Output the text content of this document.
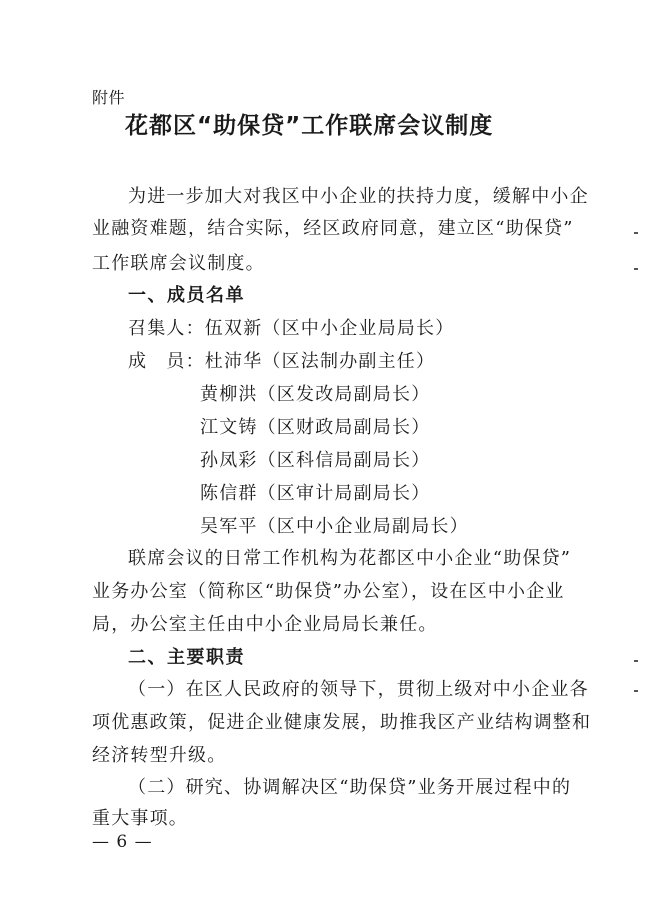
附件
花都区“助保贷”工作联席会议制度
为进一步加大对我区中小企业的扶持力度，缓解中小企
业融资难题，结合实际，经区政府同意，建立区“助保贷”
工作联席会议制度。
一、成员名单
召集人：伍双新（区中小企业局局长）
成　员：杜沛华（区法制办副主任）
黄柳洪（区发改局副局长）
江文铸（区财政局副局长）
孙凤彩（区科信局副局长）
陈信群（区审计局副局长）
吴军平（区中小企业局副局长）
联席会议的日常工作机构为花都区中小企业“助保贷”
业务办公室（简称区“助保贷”办公室），设在区中小企业
局，办公室主任由中小企业局局长兼任。
二、主要职责
（一）在区人民政府的领导下，贯彻上级对中小企业各
项优惠政策，促进企业健康发展，助推我区产业结构调整和
经济转型升级。
（二）研究、协调解决区“助保贷”业务开展过程中的
重大事项。
— 6 —
